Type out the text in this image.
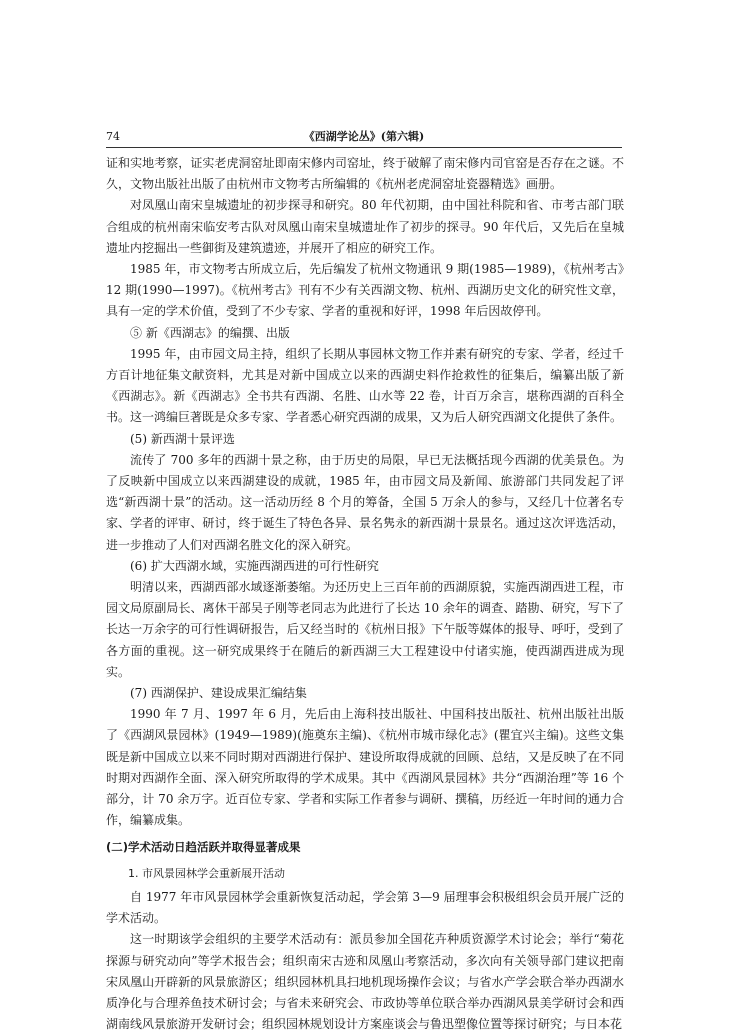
74	《西湖学论丛》(第六辑)

证和实地考察，证实老虎洞窑址即南宋修内司窑址，终于破解了南宋修内司官窑是否存在之谜。不久，文物出版社出版了由杭州市文物考古所编辑的《杭州老虎洞窑址瓷器精选》画册。

对凤凰山南宋皇城遗址的初步探寻和研究。80 年代初期，由中国社科院和省、市考古部门联合组成的杭州南宋临安考古队对凤凰山南宋皇城遗址作了初步的探寻。90 年代后，又先后在皇城遗址内挖掘出一些御街及建筑遗迹，并展开了相应的研究工作。

1985 年，市文物考古所成立后，先后编发了杭州文物通讯 9 期(1985—1989)，《杭州考古》12 期(1990—1997)。《杭州考古》刊有不少有关西湖文物、杭州、西湖历史文化的研究性文章，具有一定的学术价值，受到了不少专家、学者的重视和好评，1998 年后因故停刊。

⑤ 新《西湖志》的编撰、出版

1995 年，由市园文局主持，组织了长期从事园林文物工作并素有研究的专家、学者，经过千方百计地征集文献资料，尤其是对新中国成立以来的西湖史料作抢救性的征集后，编纂出版了新《西湖志》。新《西湖志》全书共有西湖、名胜、山水等 22 卷，计百万余言，堪称西湖的百科全书。这一鸿编巨著既是众多专家、学者悉心研究西湖的成果，又为后人研究西湖文化提供了条件。

(5) 新西湖十景评选

流传了 700 多年的西湖十景之称，由于历史的局限，早已无法概括现今西湖的优美景色。为了反映新中国成立以来西湖建设的成就，1985 年，由市园文局及新闻、旅游部门共同发起了评选“新西湖十景”的活动。这一活动历经 8 个月的筹备，全国 5 万余人的参与，又经几十位著名专家、学者的评审、研讨，终于诞生了特色各异、景名隽永的新西湖十景景名。通过这次评选活动，进一步推动了人们对西湖名胜文化的深入研究。

(6) 扩大西湖水域，实施西湖西进的可行性研究

明清以来，西湖西部水域逐渐萎缩。为还历史上三百年前的西湖原貌，实施西湖西进工程，市园文局原副局长、离休干部吴子刚等老同志为此进行了长达 10 余年的调查、踏勘、研究，写下了长达一万余字的可行性调研报告，后又经当时的《杭州日报》下午版等媒体的报导、呼吁，受到了各方面的重视。这一研究成果终于在随后的新西湖三大工程建设中付诸实施，使西湖西进成为现实。

(7) 西湖保护、建设成果汇编结集

1990 年 7 月、1997 年 6 月，先后由上海科技出版社、中国科技出版社、杭州出版社出版了《西湖风景园林》(1949—1989)(施奠东主编)、《杭州市城市绿化志》(瞿宜兴主编)。这些文集既是新中国成立以来不同时期对西湖进行保护、建设所取得成就的回顾、总结，又是反映了在不同时期对西湖作全面、深入研究所取得的学术成果。其中《西湖风景园林》共分“西湖治理”等 16 个部分，计 70 余万字。近百位专家、学者和实际工作者参与调研、撰稿，历经近一年时间的通力合作，编纂成集。

(二)学术活动日趋活跃并取得显著成果

1. 市风景园林学会重新展开活动

自 1977 年市风景园林学会重新恢复活动起，学会第 3—9 届理事会积极组织会员开展广泛的学术活动。

这一时期该学会组织的主要学术活动有：派员参加全国花卉种质资源学术讨论会；举行“菊花探源与研究动向”等学术报告会；组织南宋古迹和凤凰山考察活动，多次向有关领导部门建议把南宋凤凰山开辟新的风景旅游区；组织园林机具扫地机现场操作会议；与省水产学会联合举办西湖水质净化与合理养鱼技术研讨会；与省未来研究会、市政协等单位联合举办西湖风景美学研讨会和西湖南线风景旅游开发研讨会；组织园林规划设计方案座谈会与鲁迅塑像位置等探讨研究；与日本花
